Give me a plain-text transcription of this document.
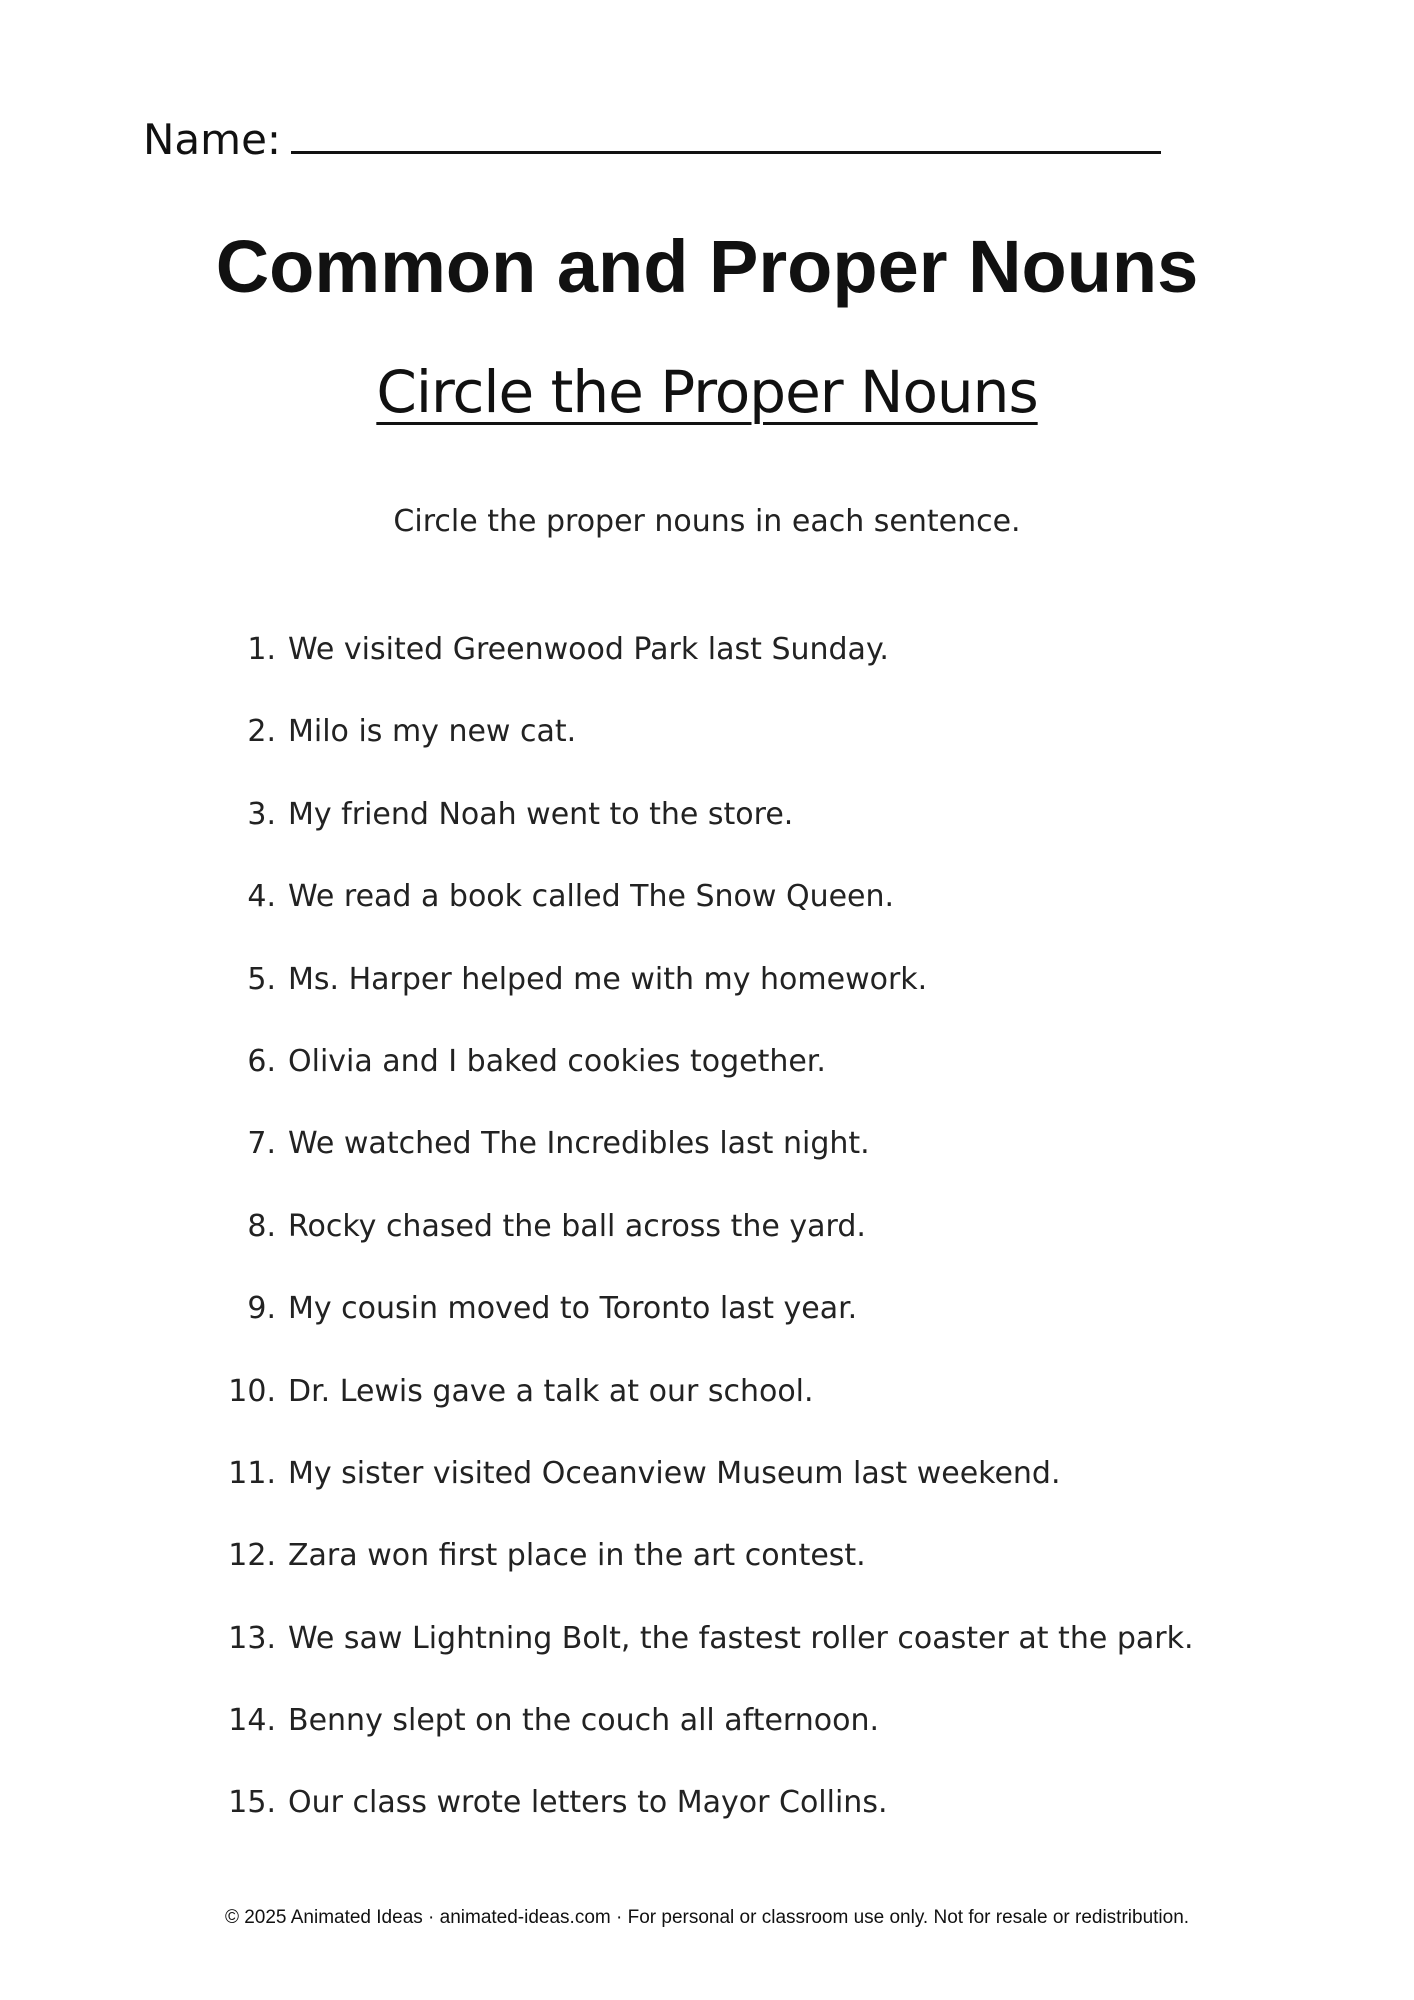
Name:
Common and Proper Nouns
Circle the Proper Nouns
Circle the proper nouns in each sentence.
1. We visited Greenwood Park last Sunday.
2. Milo is my new cat.
3. My friend Noah went to the store.
4. We read a book called The Snow Queen.
5. Ms. Harper helped me with my homework.
6. Olivia and I baked cookies together.
7. We watched The Incredibles last night.
8. Rocky chased the ball across the yard.
9. My cousin moved to Toronto last year.
10. Dr. Lewis gave a talk at our school.
11. My sister visited Oceanview Museum last weekend.
12. Zara won first place in the art contest.
13. We saw Lightning Bolt, the fastest roller coaster at the park.
14. Benny slept on the couch all afternoon.
15. Our class wrote letters to Mayor Collins.
© 2025 Animated Ideas · animated-ideas.com · For personal or classroom use only. Not for resale or redistribution.
